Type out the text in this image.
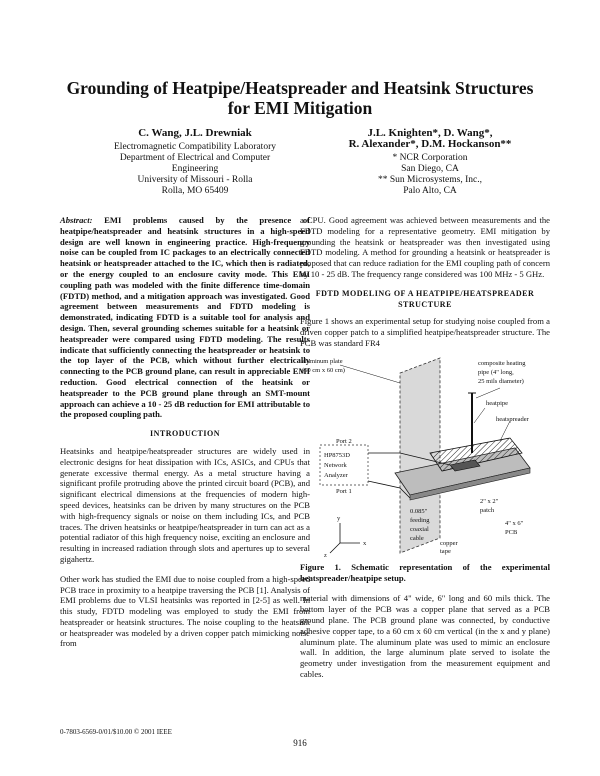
Grounding of Heatpipe/Heatspreader and Heatsink Structures for EMI Mitigation
C. Wang, J.L. Drewniak
Electromagnetic Compatibility Laboratory
Department of Electrical and Computer Engineering
University of Missouri - Rolla
Rolla, MO 65409
J.L. Knighten*, D. Wang*,
R. Alexander*, D.M. Hockanson**
* NCR Corporation
San Diego, CA
** Sun Microsystems, Inc.,
Palo Alto, CA

Abstract: EMI problems caused by the presence of heatpipe/heatspreader and heatsink structures in a high-speed design are well known in engineering practice. High-frequency noise can be coupled from IC packages to an electrically connected heatsink or heatspreader attached to the IC, which then is radiated, or the energy coupled to an enclosure cavity mode. This EMI coupling path was modeled with the finite difference time-domain (FDTD) method, and a mitigation approach was investigated. Good agreement between measurements and FDTD modeling is demonstrated, indicating FDTD is a suitable tool for analysis and design. Then, several grounding schemes suitable for a heatsink or heatspreader were compared using FDTD modeling. The results indicate that sufficiently connecting the heatspreader or heatsink to the top layer of the PCB, which without further electrically connecting to the PCB ground plane, can result in appreciable EMI reduction. Good electrical connection of the heatsink or heatspreader to the PCB ground plane through an SMT-mount approach can achieve a 10 - 25 dB reduction for EMI attributable to the proposed coupling path.

INTRODUCTION

Heatsinks and heatpipe/heatspreader structures are widely used in electronic designs for heat dissipation with ICs, ASICs, and CPUs that generate excessive thermal energy. As a metal structure having a significant profile protruding above the printed circuit board (PCB), and significant electrical dimensions at the frequencies of modern high-speed devices, heatsinks can be driven by many structures on the PCB with high-frequency signals or noise on them including ICs, and PCB traces. The driven heatsinks or heatpipe/heatspreader in turn can act as a potential radiator of this high frequency noise, exciting an enclosure and resulting in increased radiation through slots and apertures up to several gigahertz.

Other work has studied the EMI due to noise coupled from a high-speed PCB trace in proximity to a heatpipe traversing the PCB [1]. Analysis of EMI problems due to VLSI heatsinks was reported in [2-5] as well. In this study, FDTD modeling was employed to study the EMI from heatspreader or heatsink structures. The noise coupling to the heatsink or heatspreader was modeled by a driven copper patch mimicking noise from

a CPU. Good agreement was achieved between measurements and the FDTD modeling for a representative geometry. EMI mitigation by grounding the heatsink or heatspreader was then investigated using FDTD modeling. A method for grounding a heatsink or heatspreader is proposed that can reduce radiation for the EMI coupling path of concern by 10 - 25 dB. The frequency range considered was 100 MHz - 5 GHz.

FDTD MODELING OF A HEATPIPE/HEATSPREADER
STRUCTURE

Figure 1 shows an experimental setup for studying noise coupled from a driven copper patch to a simplified heatpipe/heatspreader structure. The PCB was standard FR4

aluminum plate
(60 cm x 60 cm)
composite heating
pipe (4" long,
25 mils diameter)
heatpipe
heatspreader
Port 2
HP8753D
Network
Analyzer
Port 1
0.085"
feeding
coaxial
cable
copper
tape
2" x 2"
patch
4" x 6"
PCB
x
y
z
Figure 1. Schematic representation of the experimental heatspreader/heatpipe setup.

material with dimensions of 4" wide, 6" long and 60 mils thick. The bottom layer of the PCB was a copper plane that served as a PCB ground plane. The PCB ground plane was connected, by conductive adhesive copper tape, to a 60 cm x 60 cm vertical (in the x and y plane) aluminum plate. The aluminum plate was used to mimic an enclosure wall. In addition, the large aluminum plate served to isolate the geometry under investigation from the measurement equipment and cables.

0-7803-6569-0/01/$10.00 © 2001 IEEE
916
